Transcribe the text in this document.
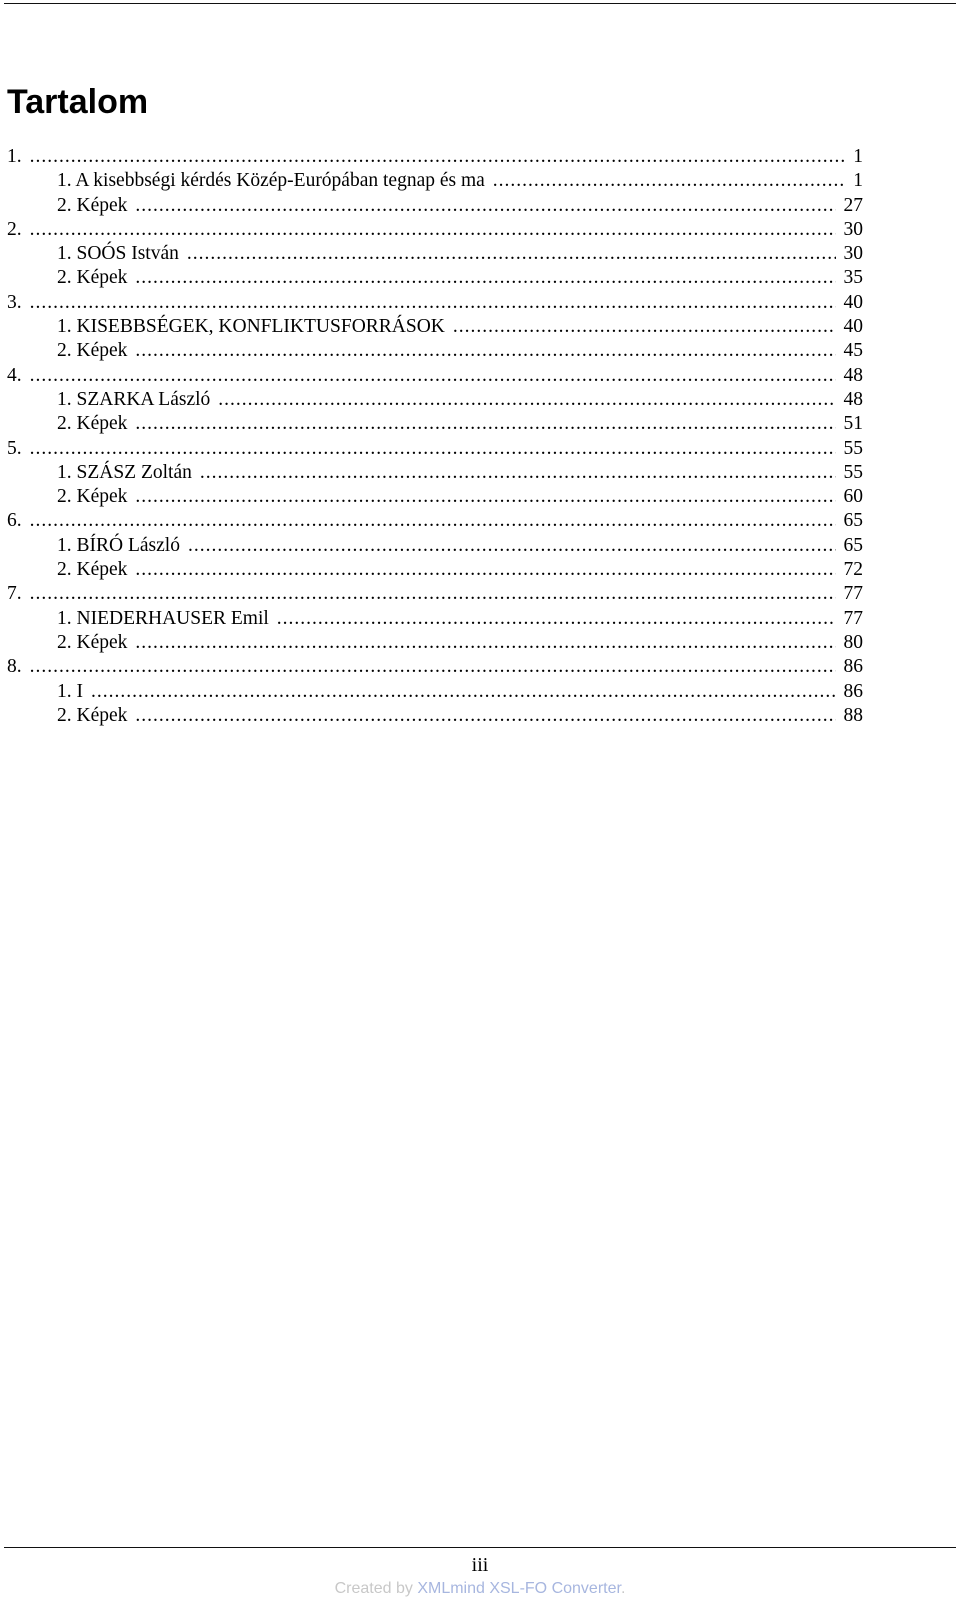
Tartalom
1. .....	1
1. A kisebbségi kérdés Közép-Európában tegnap és ma .....	1
2. Képek .....	27
2. .....	30
1. SOÓS István .....	30
2. Képek .....	35
3. .....	40
1. KISEBBSÉGEK, KONFLIKTUSFORRÁSOK .....	40
2. Képek .....	45
4. .....	48
1. SZARKA László .....	48
2. Képek .....	51
5. .....	55
1. SZÁSZ Zoltán .....	55
2. Képek .....	60
6. .....	65
1. BÍRÓ László .....	65
2. Képek .....	72
7. .....	77
1. NIEDERHAUSER Emil .....	77
2. Képek .....	80
8. .....	86
1. I .....	86
2. Képek .....	88
iii
Created by XMLmind XSL-FO Converter.
